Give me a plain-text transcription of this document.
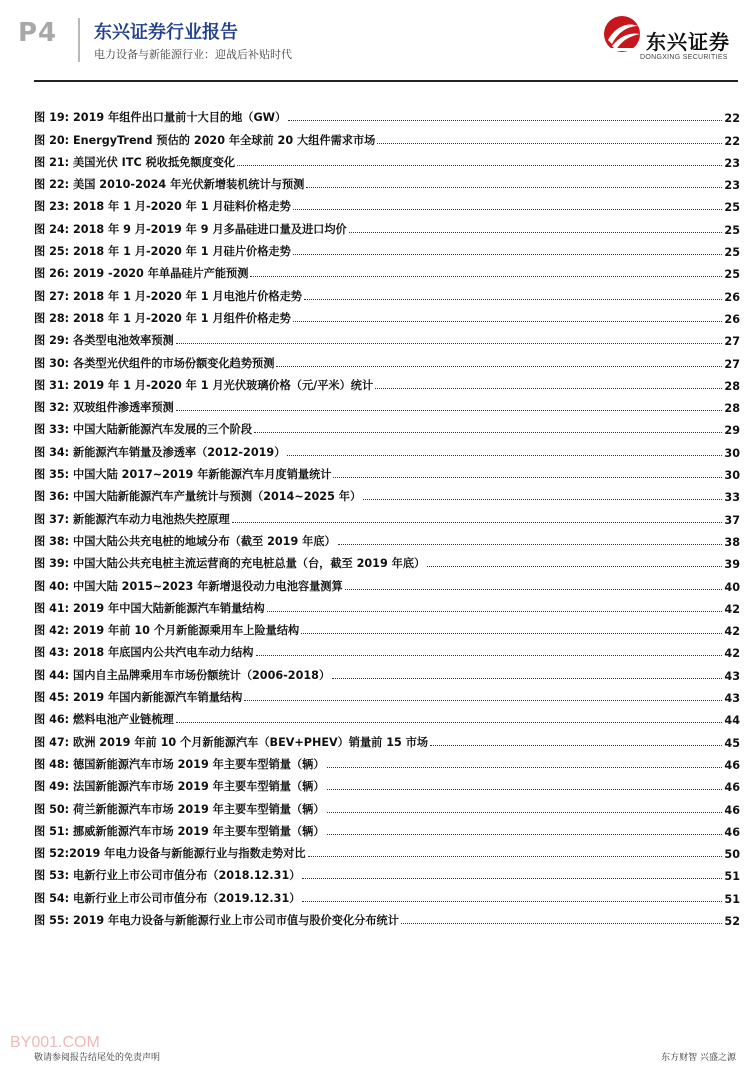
P4 东兴证券行业报告
电力设备与新能源行业：迎战后补贴时代
东兴证券
DONGXING SECURITIES
图 19: 2019 年组件出口量前十大目的地（GW）	22
图 20: EnergyTrend 预估的 2020 年全球前 20 大组件需求市场	22
图 21: 美国光伏 ITC 税收抵免额度变化	23
图 22: 美国 2010-2024 年光伏新增装机统计与预测	23
图 23: 2018 年 1 月-2020 年 1 月硅料价格走势	25
图 24: 2018 年 9 月-2019 年 9 月多晶硅进口量及进口均价	25
图 25: 2018 年 1 月-2020 年 1 月硅片价格走势	25
图 26: 2019 -2020 年单晶硅片产能预测	25
图 27: 2018 年 1 月-2020 年 1 月电池片价格走势	26
图 28: 2018 年 1 月-2020 年 1 月组件价格走势	26
图 29: 各类型电池效率预测	27
图 30: 各类型光伏组件的市场份额变化趋势预测	27
图 31: 2019 年 1 月-2020 年 1 月光伏玻璃价格（元/平米）统计	28
图 32: 双玻组件渗透率预测	28
图 33: 中国大陆新能源汽车发展的三个阶段	29
图 34: 新能源汽车销量及渗透率（2012-2019）	30
图 35: 中国大陆 2017~2019 年新能源汽车月度销量统计	30
图 36: 中国大陆新能源汽车产量统计与预测（2014~2025 年）	33
图 37: 新能源汽车动力电池热失控原理	37
图 38: 中国大陆公共充电桩的地域分布（截至 2019 年底）	38
图 39: 中国大陆公共充电桩主流运营商的充电桩总量（台，截至 2019 年底）	39
图 40: 中国大陆 2015~2023 年新增退役动力电池容量测算	40
图 41: 2019 年中国大陆新能源汽车销量结构	42
图 42: 2019 年前 10 个月新能源乘用车上险量结构	42
图 43: 2018 年底国内公共汽电车动力结构	42
图 44: 国内自主品牌乘用车市场份额统计（2006-2018）	43
图 45: 2019 年国内新能源汽车销量结构	43
图 46: 燃料电池产业链梳理	44
图 47: 欧洲 2019 年前 10 个月新能源汽车（BEV+PHEV）销量前 15 市场	45
图 48: 德国新能源汽车市场 2019 年主要车型销量（辆）	46
图 49: 法国新能源汽车市场 2019 年主要车型销量（辆）	46
图 50: 荷兰新能源汽车市场 2019 年主要车型销量（辆）	46
图 51: 挪威新能源汽车市场 2019 年主要车型销量（辆）	46
图 52:2019 年电力设备与新能源行业与指数走势对比	50
图 53: 电新行业上市公司市值分布（2018.12.31）	51
图 54: 电新行业上市公司市值分布（2019.12.31）	51
图 55: 2019 年电力设备与新能源行业上市公司市值与股价变化分布统计	52
BY001.COM
敬请参阅报告结尾处的免责声明	东方财智 兴盛之源
